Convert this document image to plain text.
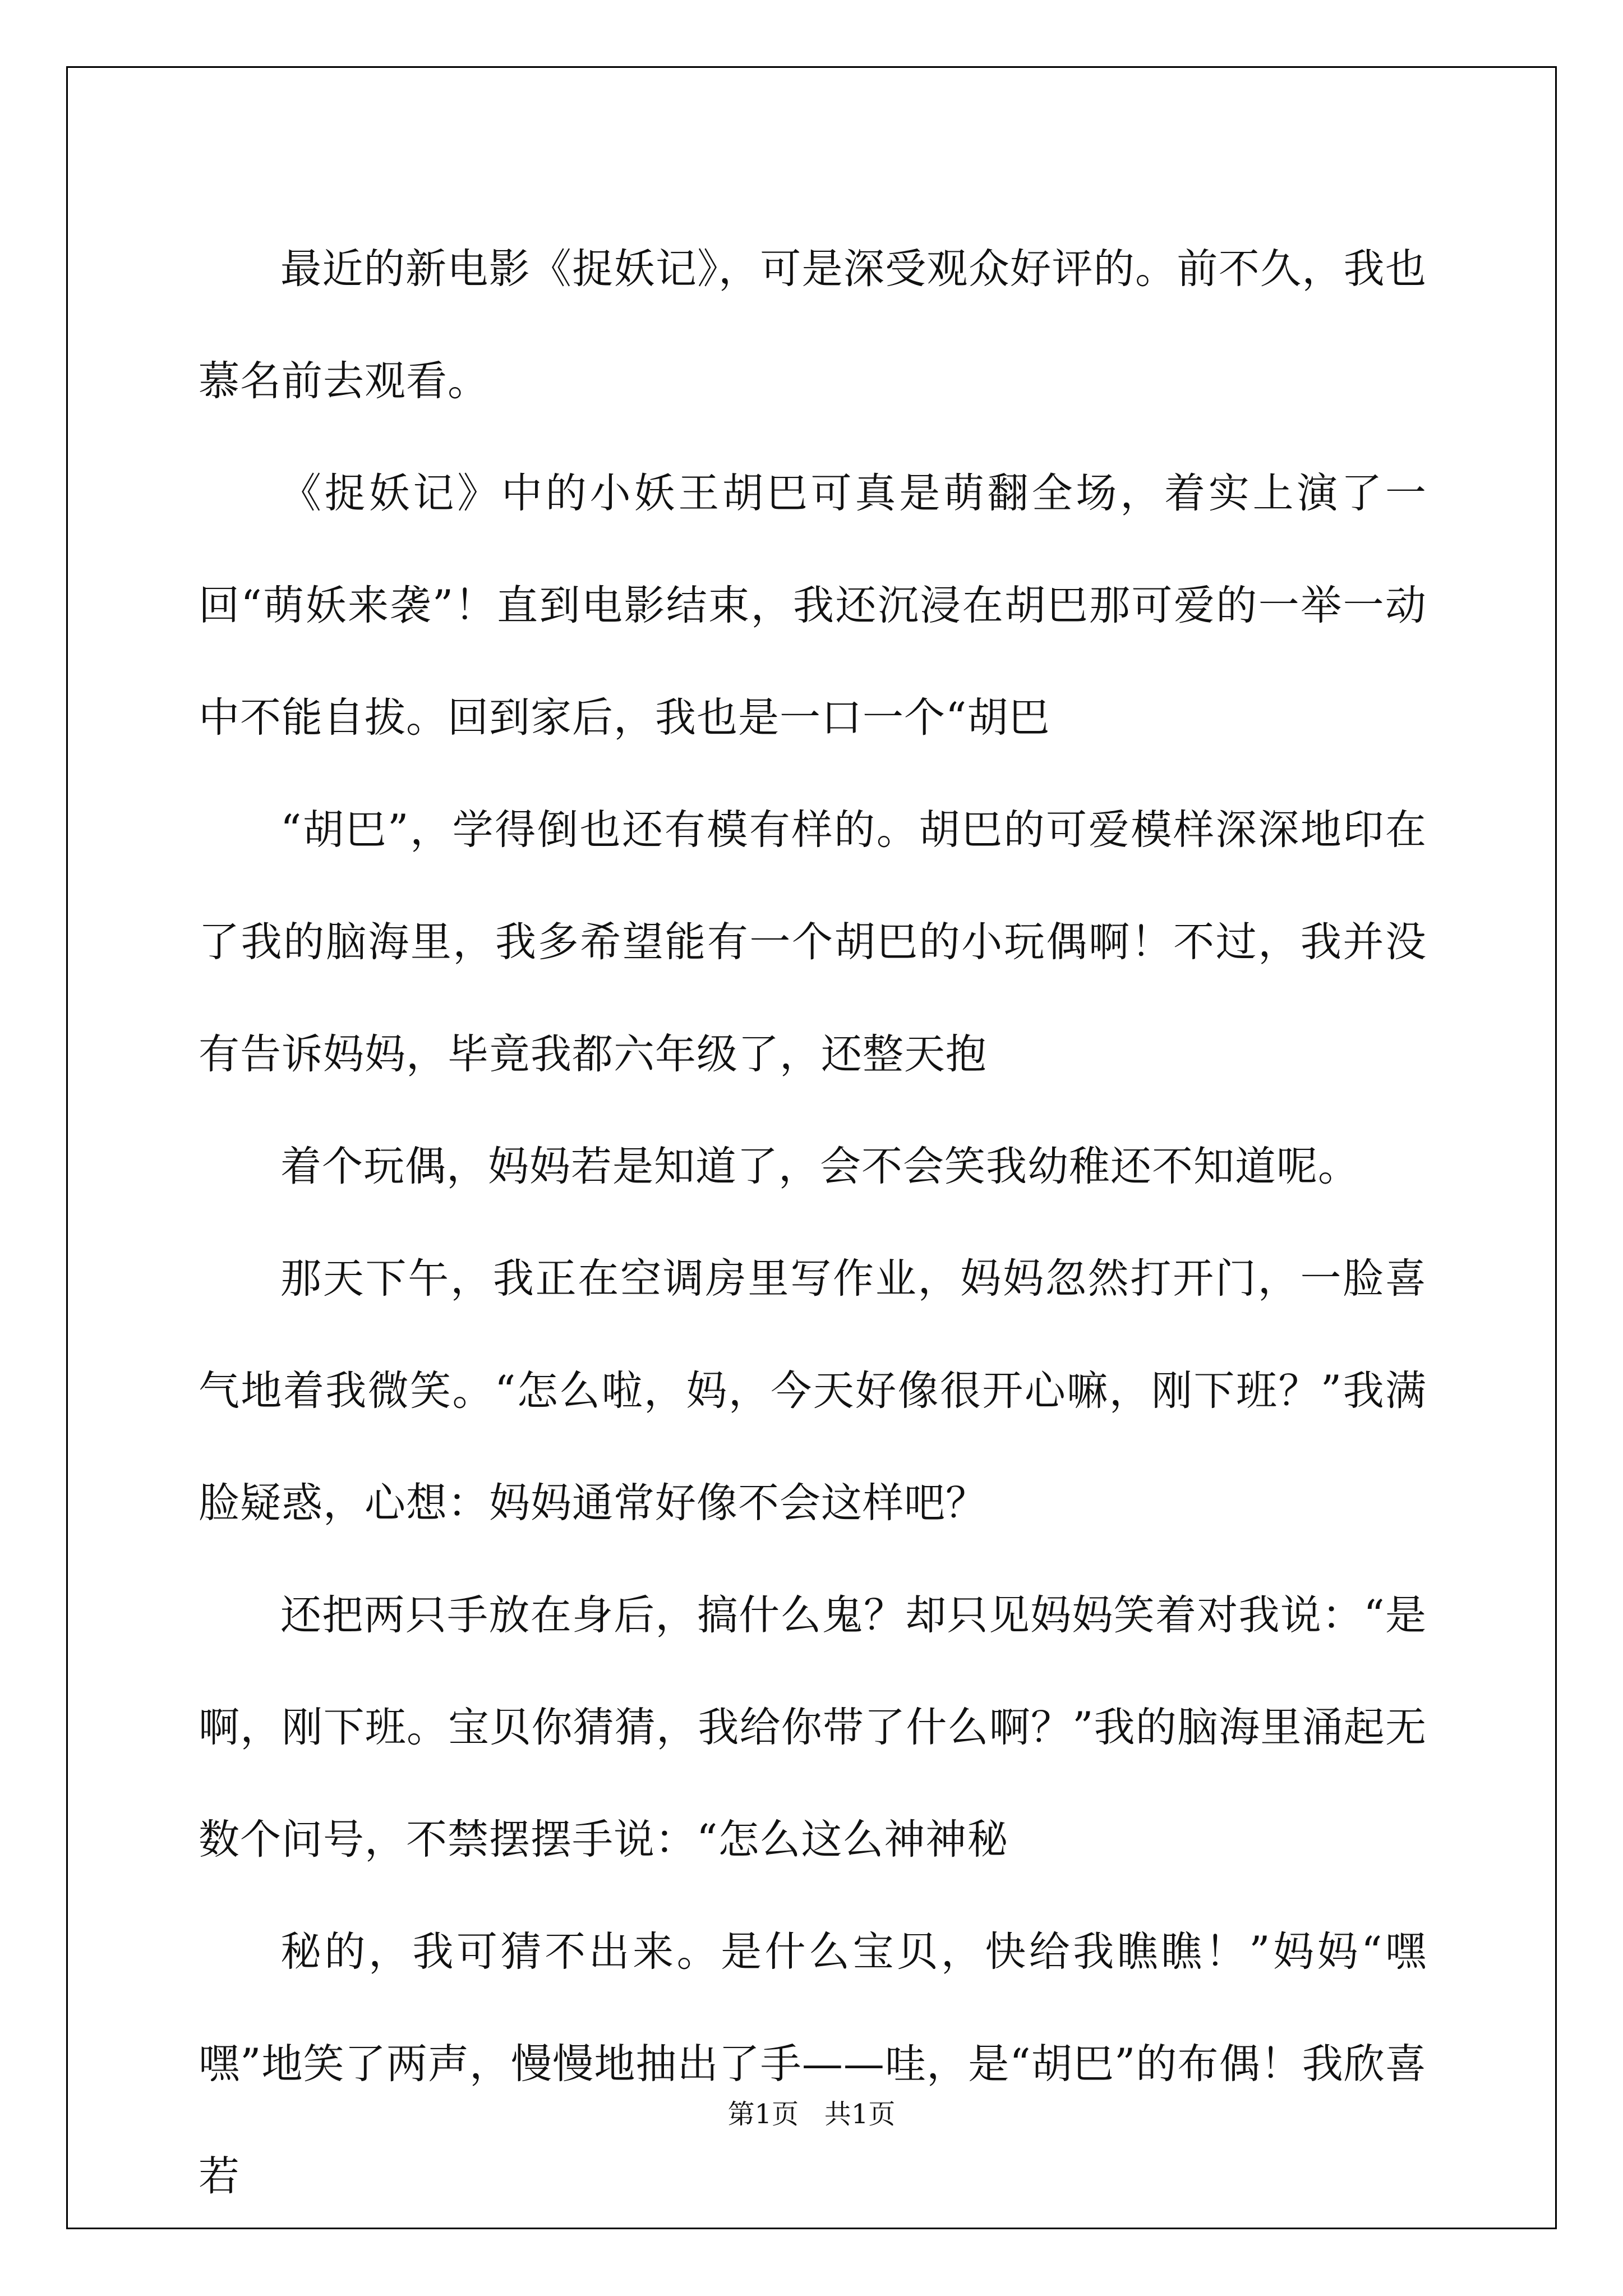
最近的新电影《捉妖记》，可是深受观众好评的。前不久，我也慕名前去观看。

《捉妖记》中的小妖王胡巴可真是萌翻全场，着实上演了一回“萌妖来袭”！直到电影结束，我还沉浸在胡巴那可爱的一举一动中不能自拔。回到家后，我也是一口一个“胡巴

“胡巴”，学得倒也还有模有样的。胡巴的可爱模样深深地印在了我的脑海里，我多希望能有一个胡巴的小玩偶啊！不过，我并没有告诉妈妈，毕竟我都六年级了，还整天抱

着个玩偶，妈妈若是知道了，会不会笑我幼稚还不知道呢。

那天下午，我正在空调房里写作业，妈妈忽然打开门，一脸喜气地着我微笑。“怎么啦，妈，今天好像很开心嘛，刚下班？”我满脸疑惑，心想：妈妈通常好像不会这样吧？

还把两只手放在身后，搞什么鬼？却只见妈妈笑着对我说：“是啊，刚下班。宝贝你猜猜，我给你带了什么啊？”我的脑海里涌起无数个问号，不禁摆摆手说：“怎么这么神神秘

秘的，我可猜不出来。是什么宝贝，快给我瞧瞧！”妈妈“嘿嘿”地笑了两声，慢慢地抽出了手——哇，是“胡巴”的布偶！我欣喜若

第1页   共1页
